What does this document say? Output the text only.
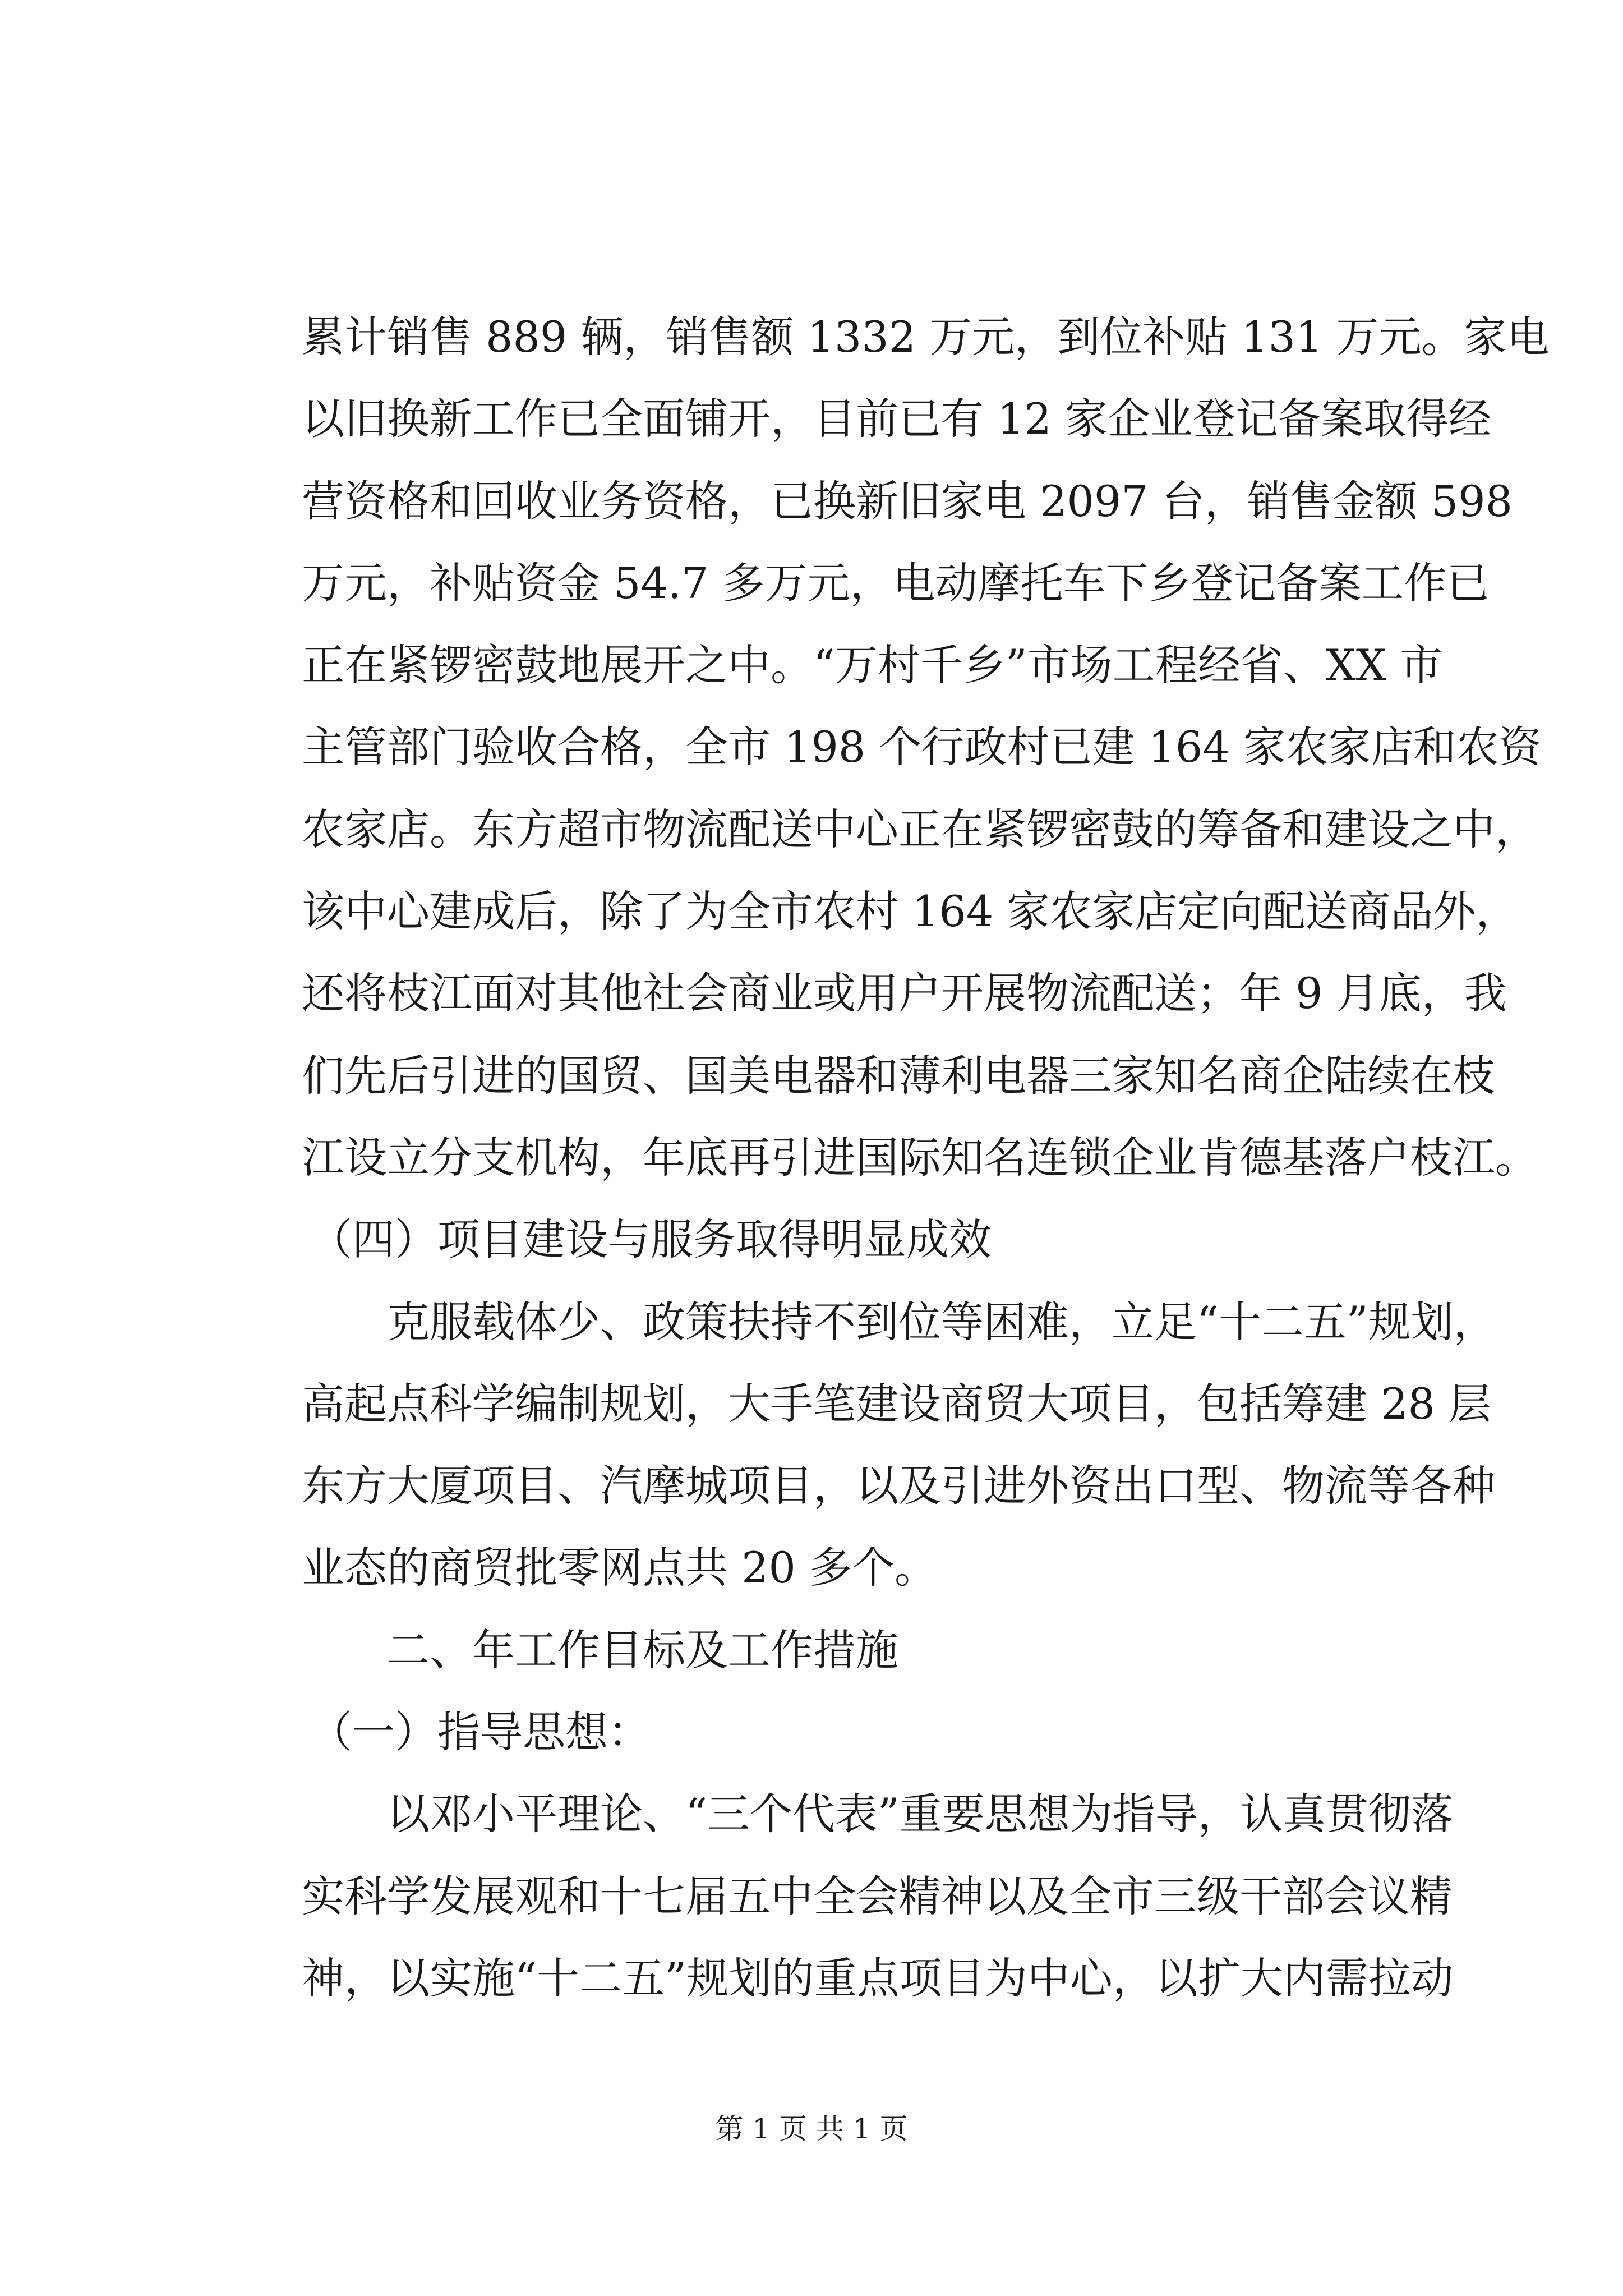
累计销售 889 辆，销售额 1332 万元，到位补贴 131 万元。家电
以旧换新工作已全面铺开，目前已有 12 家企业登记备案取得经
营资格和回收业务资格，已换新旧家电 2097 台，销售金额 598
万元，补贴资金 54.7 多万元，电动摩托车下乡登记备案工作已
正在紧锣密鼓地展开之中。“万村千乡”市场工程经省、XX 市
主管部门验收合格，全市 198 个行政村已建 164 家农家店和农资
农家店。东方超市物流配送中心正在紧锣密鼓的筹备和建设之中，
该中心建成后，除了为全市农村 164 家农家店定向配送商品外，
还将枝江面对其他社会商业或用户开展物流配送；年 9 月底，我
们先后引进的国贸、国美电器和薄利电器三家知名商企陆续在枝
江设立分支机构，年底再引进国际知名连锁企业肯德基落户枝江。
（四）项目建设与服务取得明显成效
克服载体少、政策扶持不到位等困难，立足“十二五”规划，
高起点科学编制规划，大手笔建设商贸大项目，包括筹建 28 层
东方大厦项目、汽摩城项目，以及引进外资出口型、物流等各种
业态的商贸批零网点共 20 多个。
二、年工作目标及工作措施
（一）指导思想：
以邓小平理论、“三个代表”重要思想为指导，认真贯彻落
实科学发展观和十七届五中全会精神以及全市三级干部会议精
神，以实施“十二五”规划的重点项目为中心，以扩大内需拉动
第 1 页 共 1 页
